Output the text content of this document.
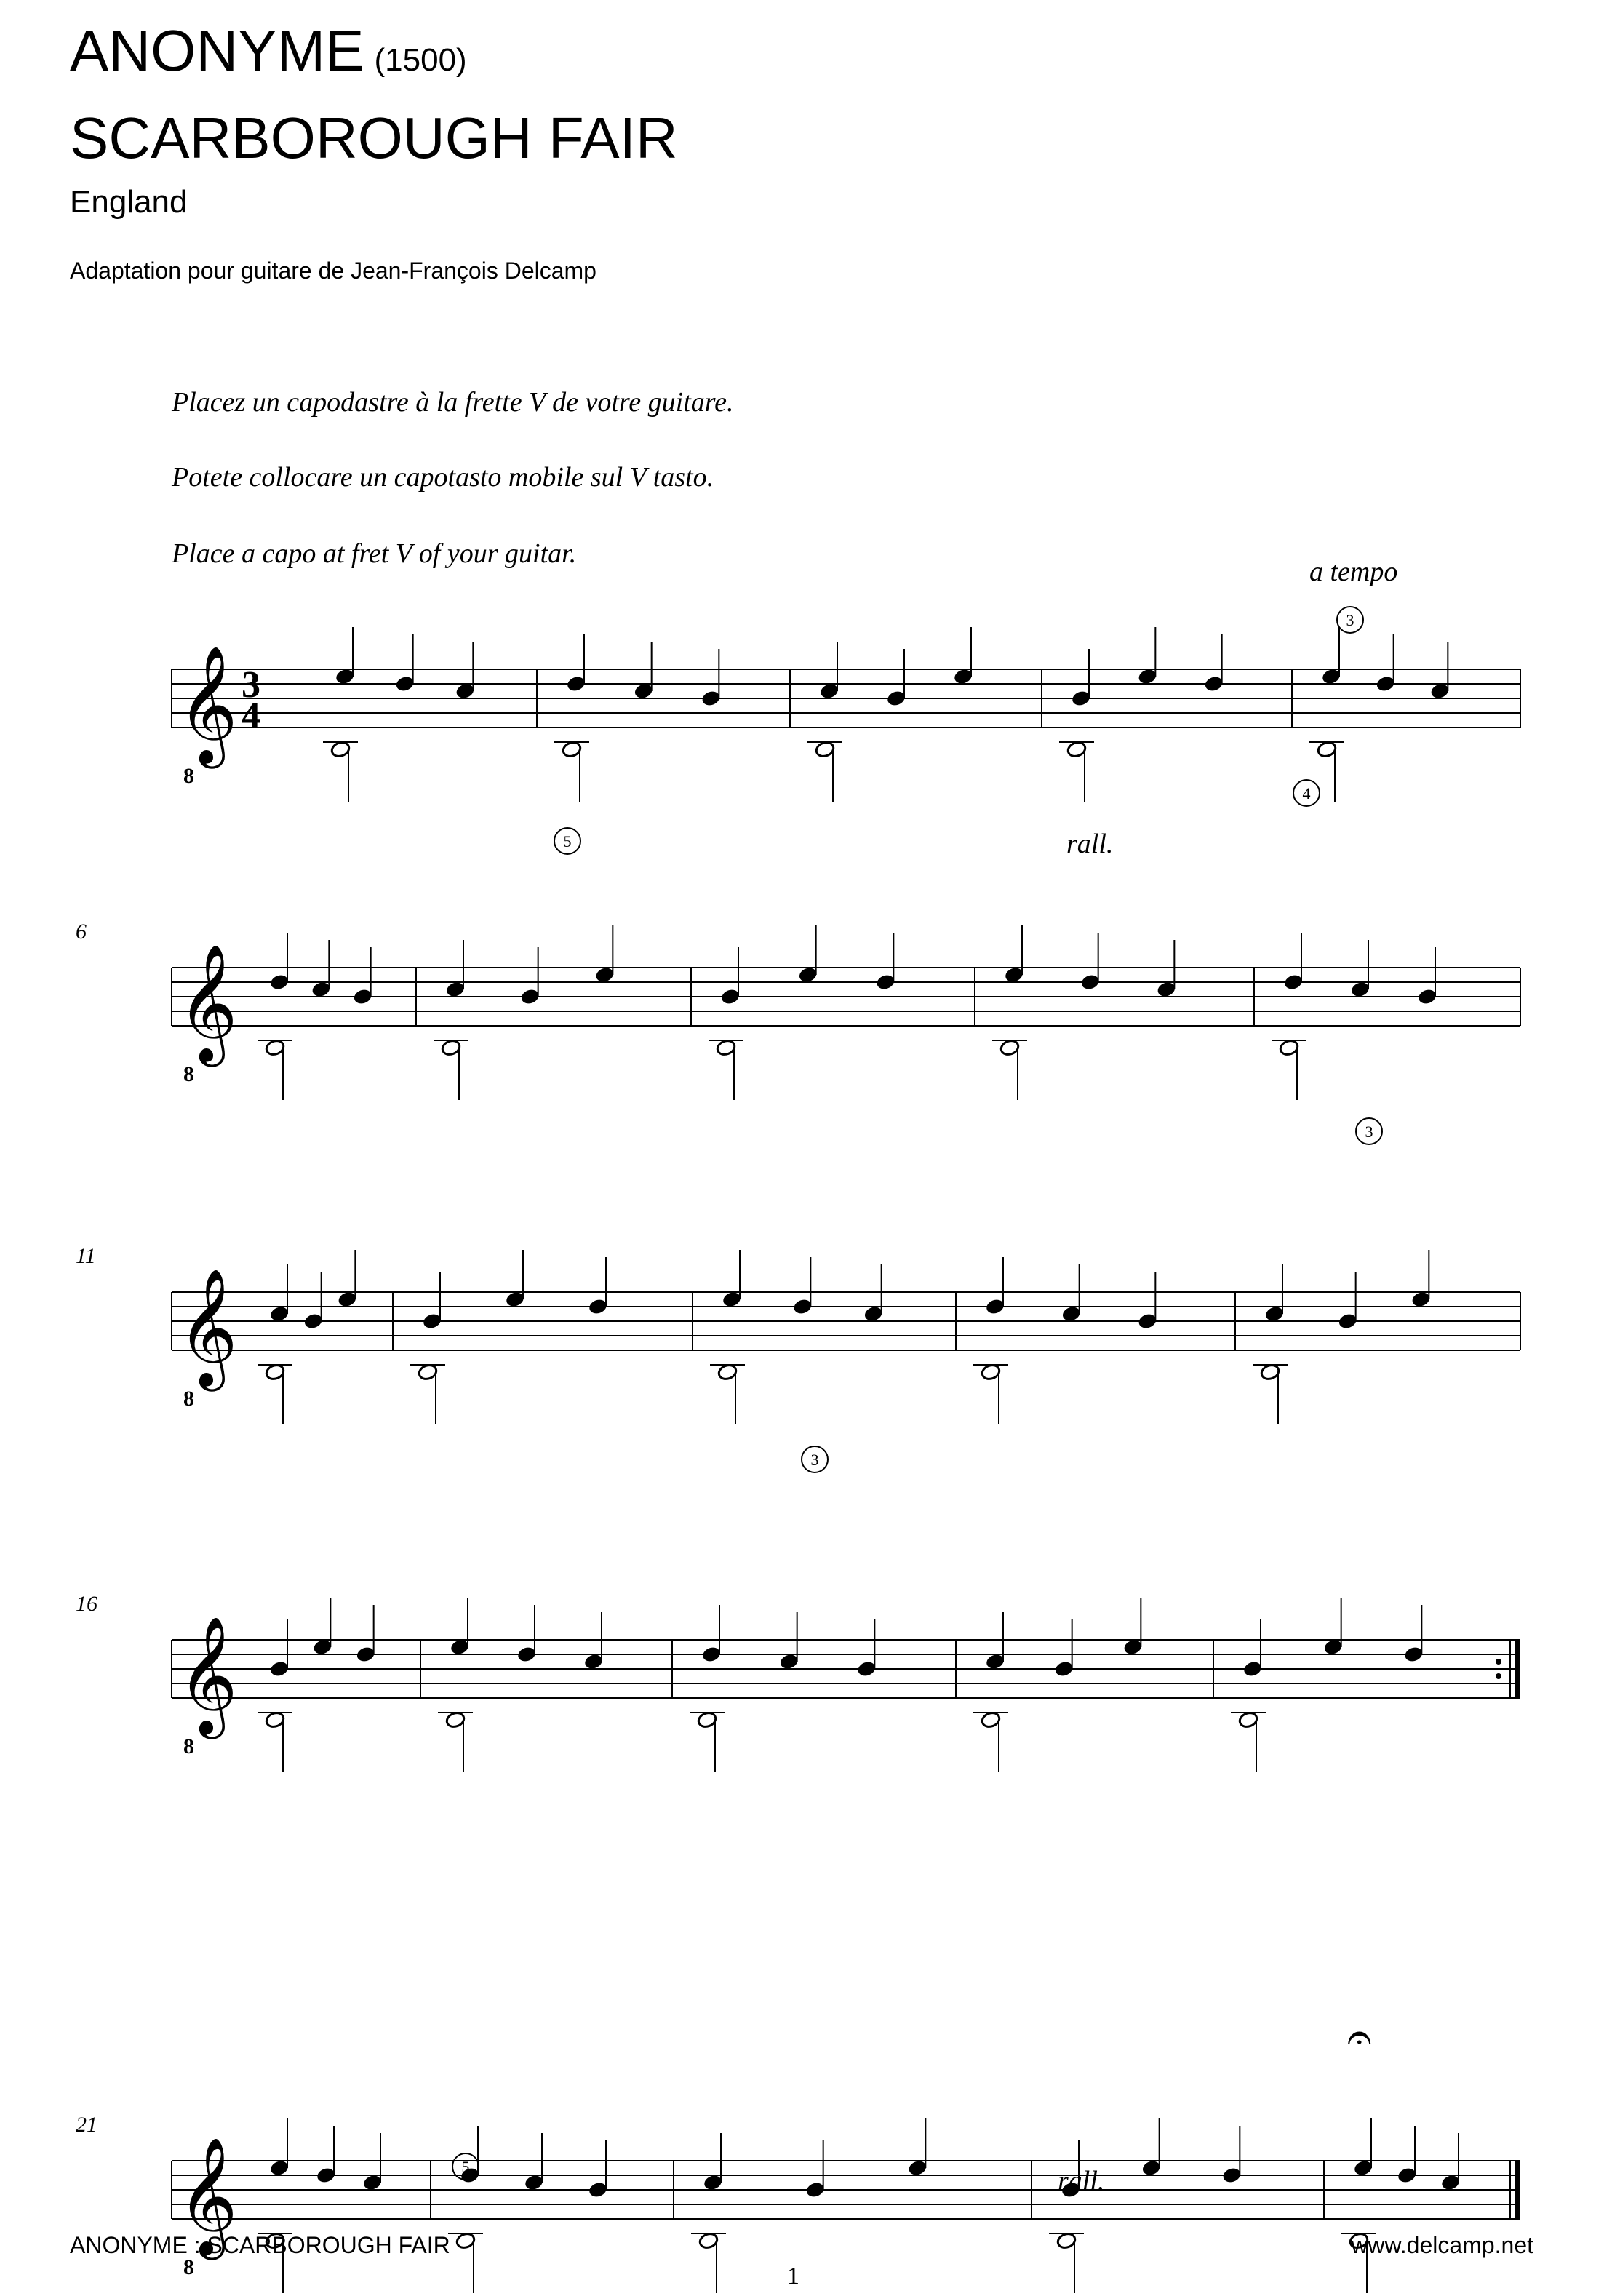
ANONYME (1500)
SCARBOROUGH FAIR
England
Adaptation pour guitare de Jean-François Delcamp
Placez un capodastre à la frette V de votre guitare.
Potete collocare un capotasto mobile sul V tasto.
Place a capo at fret V of your guitar.
𝄞
8
3
4
5
3
4
𝄞
8
6
3
𝄞
8
11
3
𝄞
8
16
𝄞
8
21
5
a tempo
rall.
rall.
𝄐
ANONYME : SCARBOROUGH FAIR	www.delcamp.net
1
